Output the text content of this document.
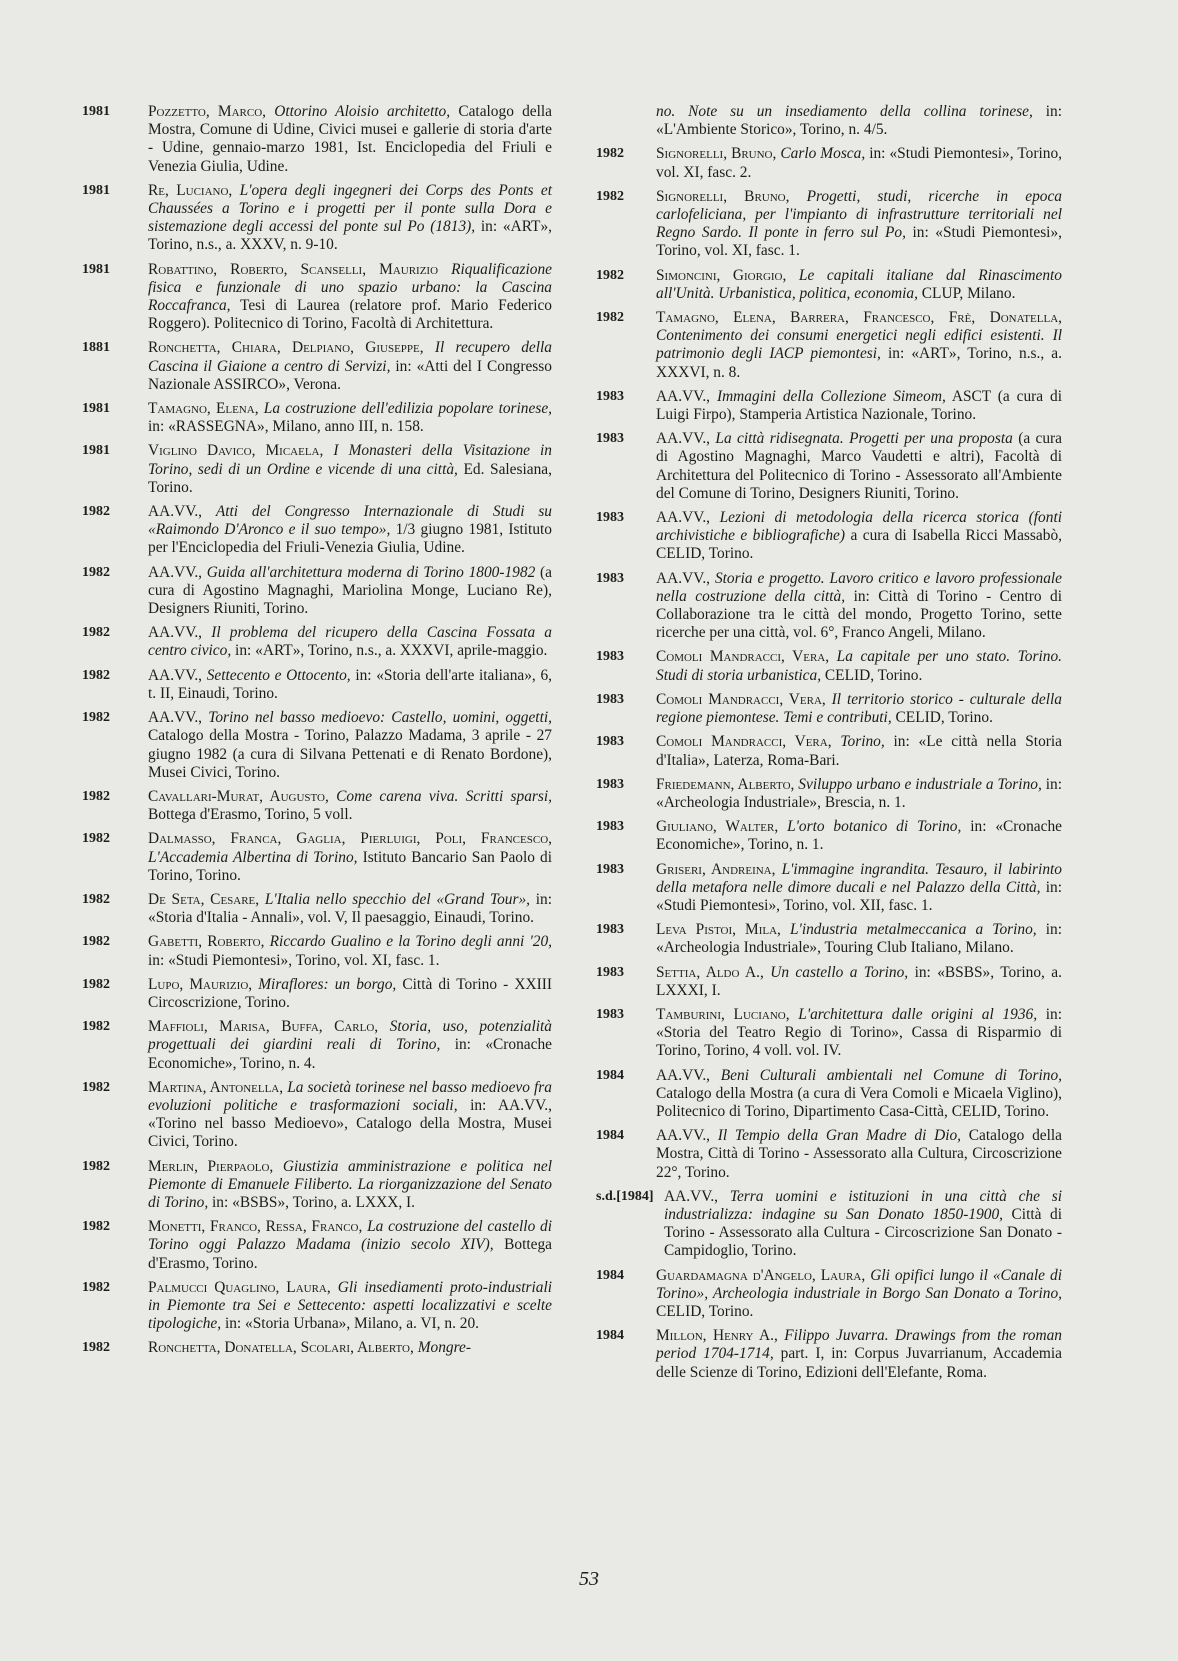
1981	Pozzetto, Marco, Ottorino Aloisio architetto, Catalogo della Mostra, Comune di Udine, Civici musei e gallerie di storia d'arte - Udine, gennaio-marzo 1981, Ist. Enciclopedia del Friuli e Venezia Giulia, Udine.
1981	Re, Luciano, L'opera degli ingegneri dei Corps des Ponts et Chaussées a Torino e i progetti per il ponte sulla Dora e sistemazione degli accessi del ponte sul Po (1813), in: «ART», Torino, n.s., a. XXXV, n. 9-10.
1981	Robattino, Roberto, Scanselli, Maurizio Riqualificazione fisica e funzionale di uno spazio urbano: la Cascina Roccafranca, Tesi di Laurea (relatore prof. Mario Federico Roggero). Politecnico di Torino, Facoltà di Architettura.
1881	Ronchetta, Chiara, Delpiano, Giuseppe, Il recupero della Cascina il Giaione a centro di Servizi, in: «Atti del I Congresso Nazionale ASSIRCO», Verona.
1981	Tamagno, Elena, La costruzione dell'edilizia popolare torinese, in: «RASSEGNA», Milano, anno III, n. 158.
1981	Viglino Davico, Micaela, I Monasteri della Visitazione in Torino, sedi di un Ordine e vicende di una città, Ed. Salesiana, Torino.
1982	AA.VV., Atti del Congresso Internazionale di Studi su «Raimondo D'Aronco e il suo tempo», 1/3 giugno 1981, Istituto per l'Enciclopedia del Friuli-Venezia Giulia, Udine.
1982	AA.VV., Guida all'architettura moderna di Torino 1800-1982 (a cura di Agostino Magnaghi, Mariolina Monge, Luciano Re), Designers Riuniti, Torino.
1982	AA.VV., Il problema del ricupero della Cascina Fossata a centro civico, in: «ART», Torino, n.s., a. XXXVI, aprile-maggio.
1982	AA.VV., Settecento e Ottocento, in: «Storia dell'arte italiana», 6, t. II, Einaudi, Torino.
1982	AA.VV., Torino nel basso medioevo: Castello, uomini, oggetti, Catalogo della Mostra - Torino, Palazzo Madama, 3 aprile - 27 giugno 1982 (a cura di Silvana Pettenati e di Renato Bordone), Musei Civici, Torino.
1982	Cavallari-Murat, Augusto, Come carena viva. Scritti sparsi, Bottega d'Erasmo, Torino, 5 voll.
1982	Dalmasso, Franca, Gaglia, Pierluigi, Poli, Francesco, L'Accademia Albertina di Torino, Istituto Bancario San Paolo di Torino, Torino.
1982	De Seta, Cesare, L'Italia nello specchio del «Grand Tour», in: «Storia d'Italia - Annali», vol. V, Il paesaggio, Einaudi, Torino.
1982	Gabetti, Roberto, Riccardo Gualino e la Torino degli anni '20, in: «Studi Piemontesi», Torino, vol. XI, fasc. 1.
1982	Lupo, Maurizio, Miraflores: un borgo, Città di Torino - XXIII Circoscrizione, Torino.
1982	Maffioli, Marisa, Buffa, Carlo, Storia, uso, potenzialità progettuali dei giardini reali di Torino, in: «Cronache Economiche», Torino, n. 4.
1982	Martina, Antonella, La società torinese nel basso medioevo fra evoluzioni politiche e trasformazioni sociali, in: AA.VV., «Torino nel basso Medioevo», Catalogo della Mostra, Musei Civici, Torino.
1982	Merlin, Pierpaolo, Giustizia amministrazione e politica nel Piemonte di Emanuele Filiberto. La riorganizzazione del Senato di Torino, in: «BSBS», Torino, a. LXXX, I.
1982	Monetti, Franco, Ressa, Franco, La costruzione del castello di Torino oggi Palazzo Madama (inizio secolo XIV), Bottega d'Erasmo, Torino.
1982	Palmucci Quaglino, Laura, Gli insediamenti proto-industriali in Piemonte tra Sei e Settecento: aspetti localizzativi e scelte tipologiche, in: «Storia Urbana», Milano, a. VI, n. 20.
1982	Ronchetta, Donatella, Scolari, Alberto, Mongre-
no. Note su un insediamento della collina torinese, in: «L'Ambiente Storico», Torino, n. 4/5.
1982	Signorelli, Bruno, Carlo Mosca, in: «Studi Piemontesi», Torino, vol. XI, fasc. 2.
1982	Signorelli, Bruno, Progetti, studi, ricerche in epoca carlofeliciana, per l'impianto di infrastrutture territoriali nel Regno Sardo. Il ponte in ferro sul Po, in: «Studi Piemontesi», Torino, vol. XI, fasc. 1.
1982	Simoncini, Giorgio, Le capitali italiane dal Rinascimento all'Unità. Urbanistica, politica, economia, CLUP, Milano.
1982	Tamagno, Elena, Barrera, Francesco, Frè, Donatella, Contenimento dei consumi energetici negli edifici esistenti. Il patrimonio degli IACP piemontesi, in: «ART», Torino, n.s., a. XXXVI, n. 8.
1983	AA.VV., Immagini della Collezione Simeom, ASCT (a cura di Luigi Firpo), Stamperia Artistica Nazionale, Torino.
1983	AA.VV., La città ridisegnata. Progetti per una proposta (a cura di Agostino Magnaghi, Marco Vaudetti e altri), Facoltà di Architettura del Politecnico di Torino - Assessorato all'Ambiente del Comune di Torino, Designers Riuniti, Torino.
1983	AA.VV., Lezioni di metodologia della ricerca storica (fonti archivistiche e bibliografiche) a cura di Isabella Ricci Massabò, CELID, Torino.
1983	AA.VV., Storia e progetto. Lavoro critico e lavoro professionale nella costruzione della città, in: Città di Torino - Centro di Collaborazione tra le città del mondo, Progetto Torino, sette ricerche per una città, vol. 6°, Franco Angeli, Milano.
1983	Comoli Mandracci, Vera, La capitale per uno stato. Torino. Studi di storia urbanistica, CELID, Torino.
1983	Comoli Mandracci, Vera, Il territorio storico - culturale della regione piemontese. Temi e contributi, CELID, Torino.
1983	Comoli Mandracci, Vera, Torino, in: «Le città nella Storia d'Italia», Laterza, Roma-Bari.
1983	Friedemann, Alberto, Sviluppo urbano e industriale a Torino, in: «Archeologia Industriale», Brescia, n. 1.
1983	Giuliano, Walter, L'orto botanico di Torino, in: «Cronache Economiche», Torino, n. 1.
1983	Griseri, Andreina, L'immagine ingrandita. Tesauro, il labirinto della metafora nelle dimore ducali e nel Palazzo della Città, in: «Studi Piemontesi», Torino, vol. XII, fasc. 1.
1983	Leva Pistoi, Mila, L'industria metalmeccanica a Torino, in: «Archeologia Industriale», Touring Club Italiano, Milano.
1983	Settia, Aldo A., Un castello a Torino, in: «BSBS», Torino, a. LXXXI, I.
1983	Tamburini, Luciano, L'architettura dalle origini al 1936, in: «Storia del Teatro Regio di Torino», Cassa di Risparmio di Torino, Torino, 4 voll. vol. IV.
1984	AA.VV., Beni Culturali ambientali nel Comune di Torino, Catalogo della Mostra (a cura di Vera Comoli e Micaela Viglino), Politecnico di Torino, Dipartimento Casa-Città, CELID, Torino.
1984	AA.VV., Il Tempio della Gran Madre di Dio, Catalogo della Mostra, Città di Torino - Assessorato alla Cultura, Circoscrizione 22°, Torino.
s.d.[1984] AA.VV., Terra uomini e istituzioni in una città che si industrializza: indagine su San Donato 1850-1900, Città di Torino - Assessorato alla Cultura - Circoscrizione San Donato - Campidoglio, Torino.
1984	Guardamagna d'Angelo, Laura, Gli opifici lungo il «Canale di Torino», Archeologia industriale in Borgo San Donato a Torino, CELID, Torino.
1984	Millon, Henry A., Filippo Juvarra. Drawings from the roman period 1704-1714, part. I, in: Corpus Juvarrianum, Accademia delle Scienze di Torino, Edizioni dell'Elefante, Roma.
53
